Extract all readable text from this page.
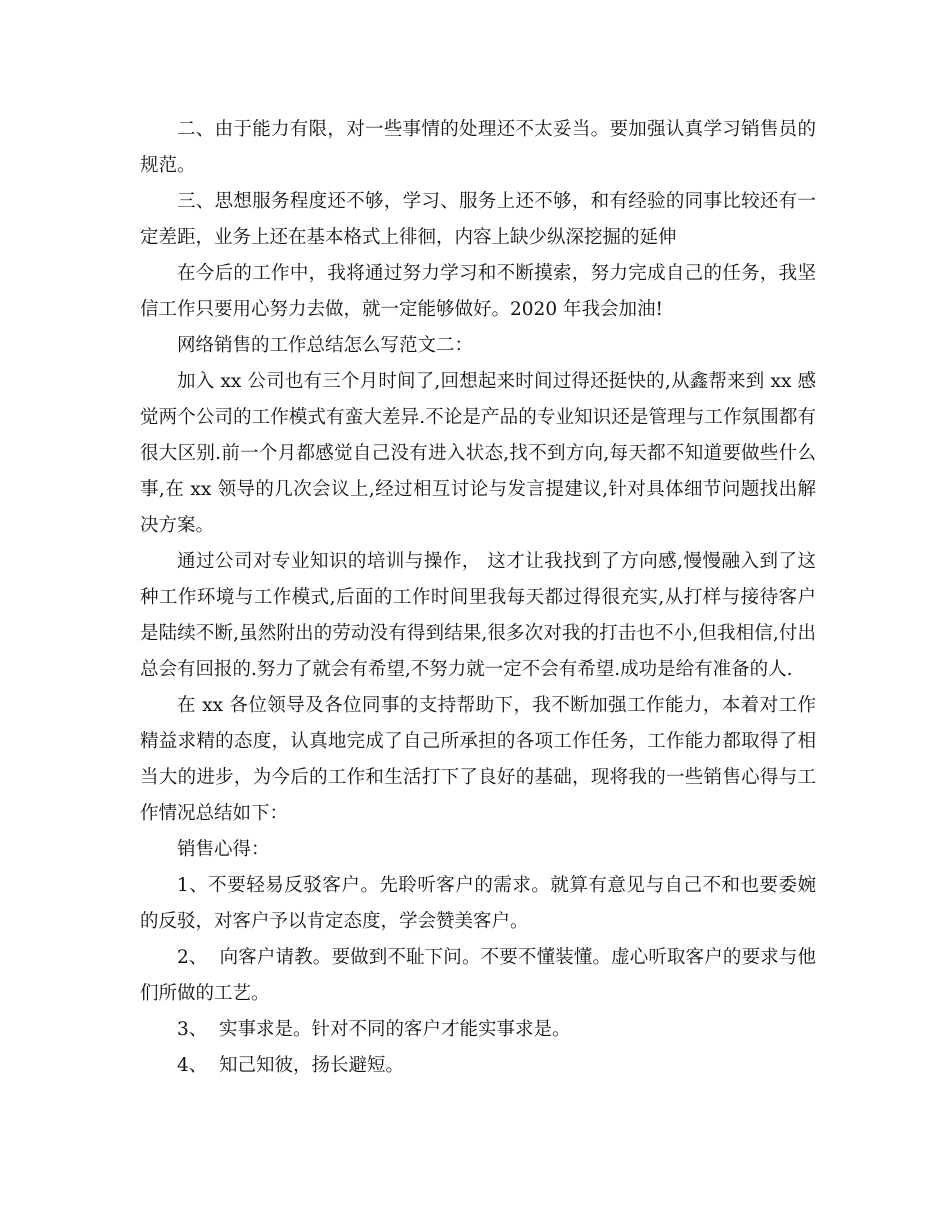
二、由于能力有限，对一些事情的处理还不太妥当。要加强认真学习销售员的规范。

三、思想服务程度还不够，学习、服务上还不够，和有经验的同事比较还有一定差距，业务上还在基本格式上徘徊，内容上缺少纵深挖掘的延伸

在今后的工作中，我将通过努力学习和不断摸索，努力完成自己的任务，我坚信工作只要用心努力去做，就一定能够做好。2020 年我会加油!

网络销售的工作总结怎么写范文二：

加入 xx 公司也有三个月时间了,回想起来时间过得还挺快的,从鑫帮来到 xx 感觉两个公司的工作模式有蛮大差异.不论是产品的专业知识还是管理与工作氛围都有很大区别.前一个月都感觉自己没有进入状态,找不到方向,每天都不知道要做些什么事,在 xx 领导的几次会议上,经过相互讨论与发言提建议,针对具体细节问题找出解决方案。

通过公司对专业知识的培训与操作， 这才让我找到了方向感,慢慢融入到了这种工作环境与工作模式,后面的工作时间里我每天都过得很充实,从打样与接待客户是陆续不断,虽然附出的劳动没有得到结果,很多次对我的打击也不小,但我相信,付出总会有回报的.努力了就会有希望,不努力就一定不会有希望.成功是给有准备的人.

在 xx 各位领导及各位同事的支持帮助下，我不断加强工作能力，本着对工作精益求精的态度，认真地完成了自己所承担的各项工作任务，工作能力都取得了相当大的进步，为今后的工作和生活打下了良好的基础，现将我的一些销售心得与工作情况总结如下：

销售心得：

1、不要轻易反驳客户。先聆听客户的需求。就算有意见与自己不和也要委婉的反驳，对客户予以肯定态度，学会赞美客户。

2、  向客户请教。要做到不耻下问。不要不懂装懂。虚心听取客户的要求与他们所做的工艺。

3、  实事求是。针对不同的客户才能实事求是。

4、  知己知彼，扬长避短。
